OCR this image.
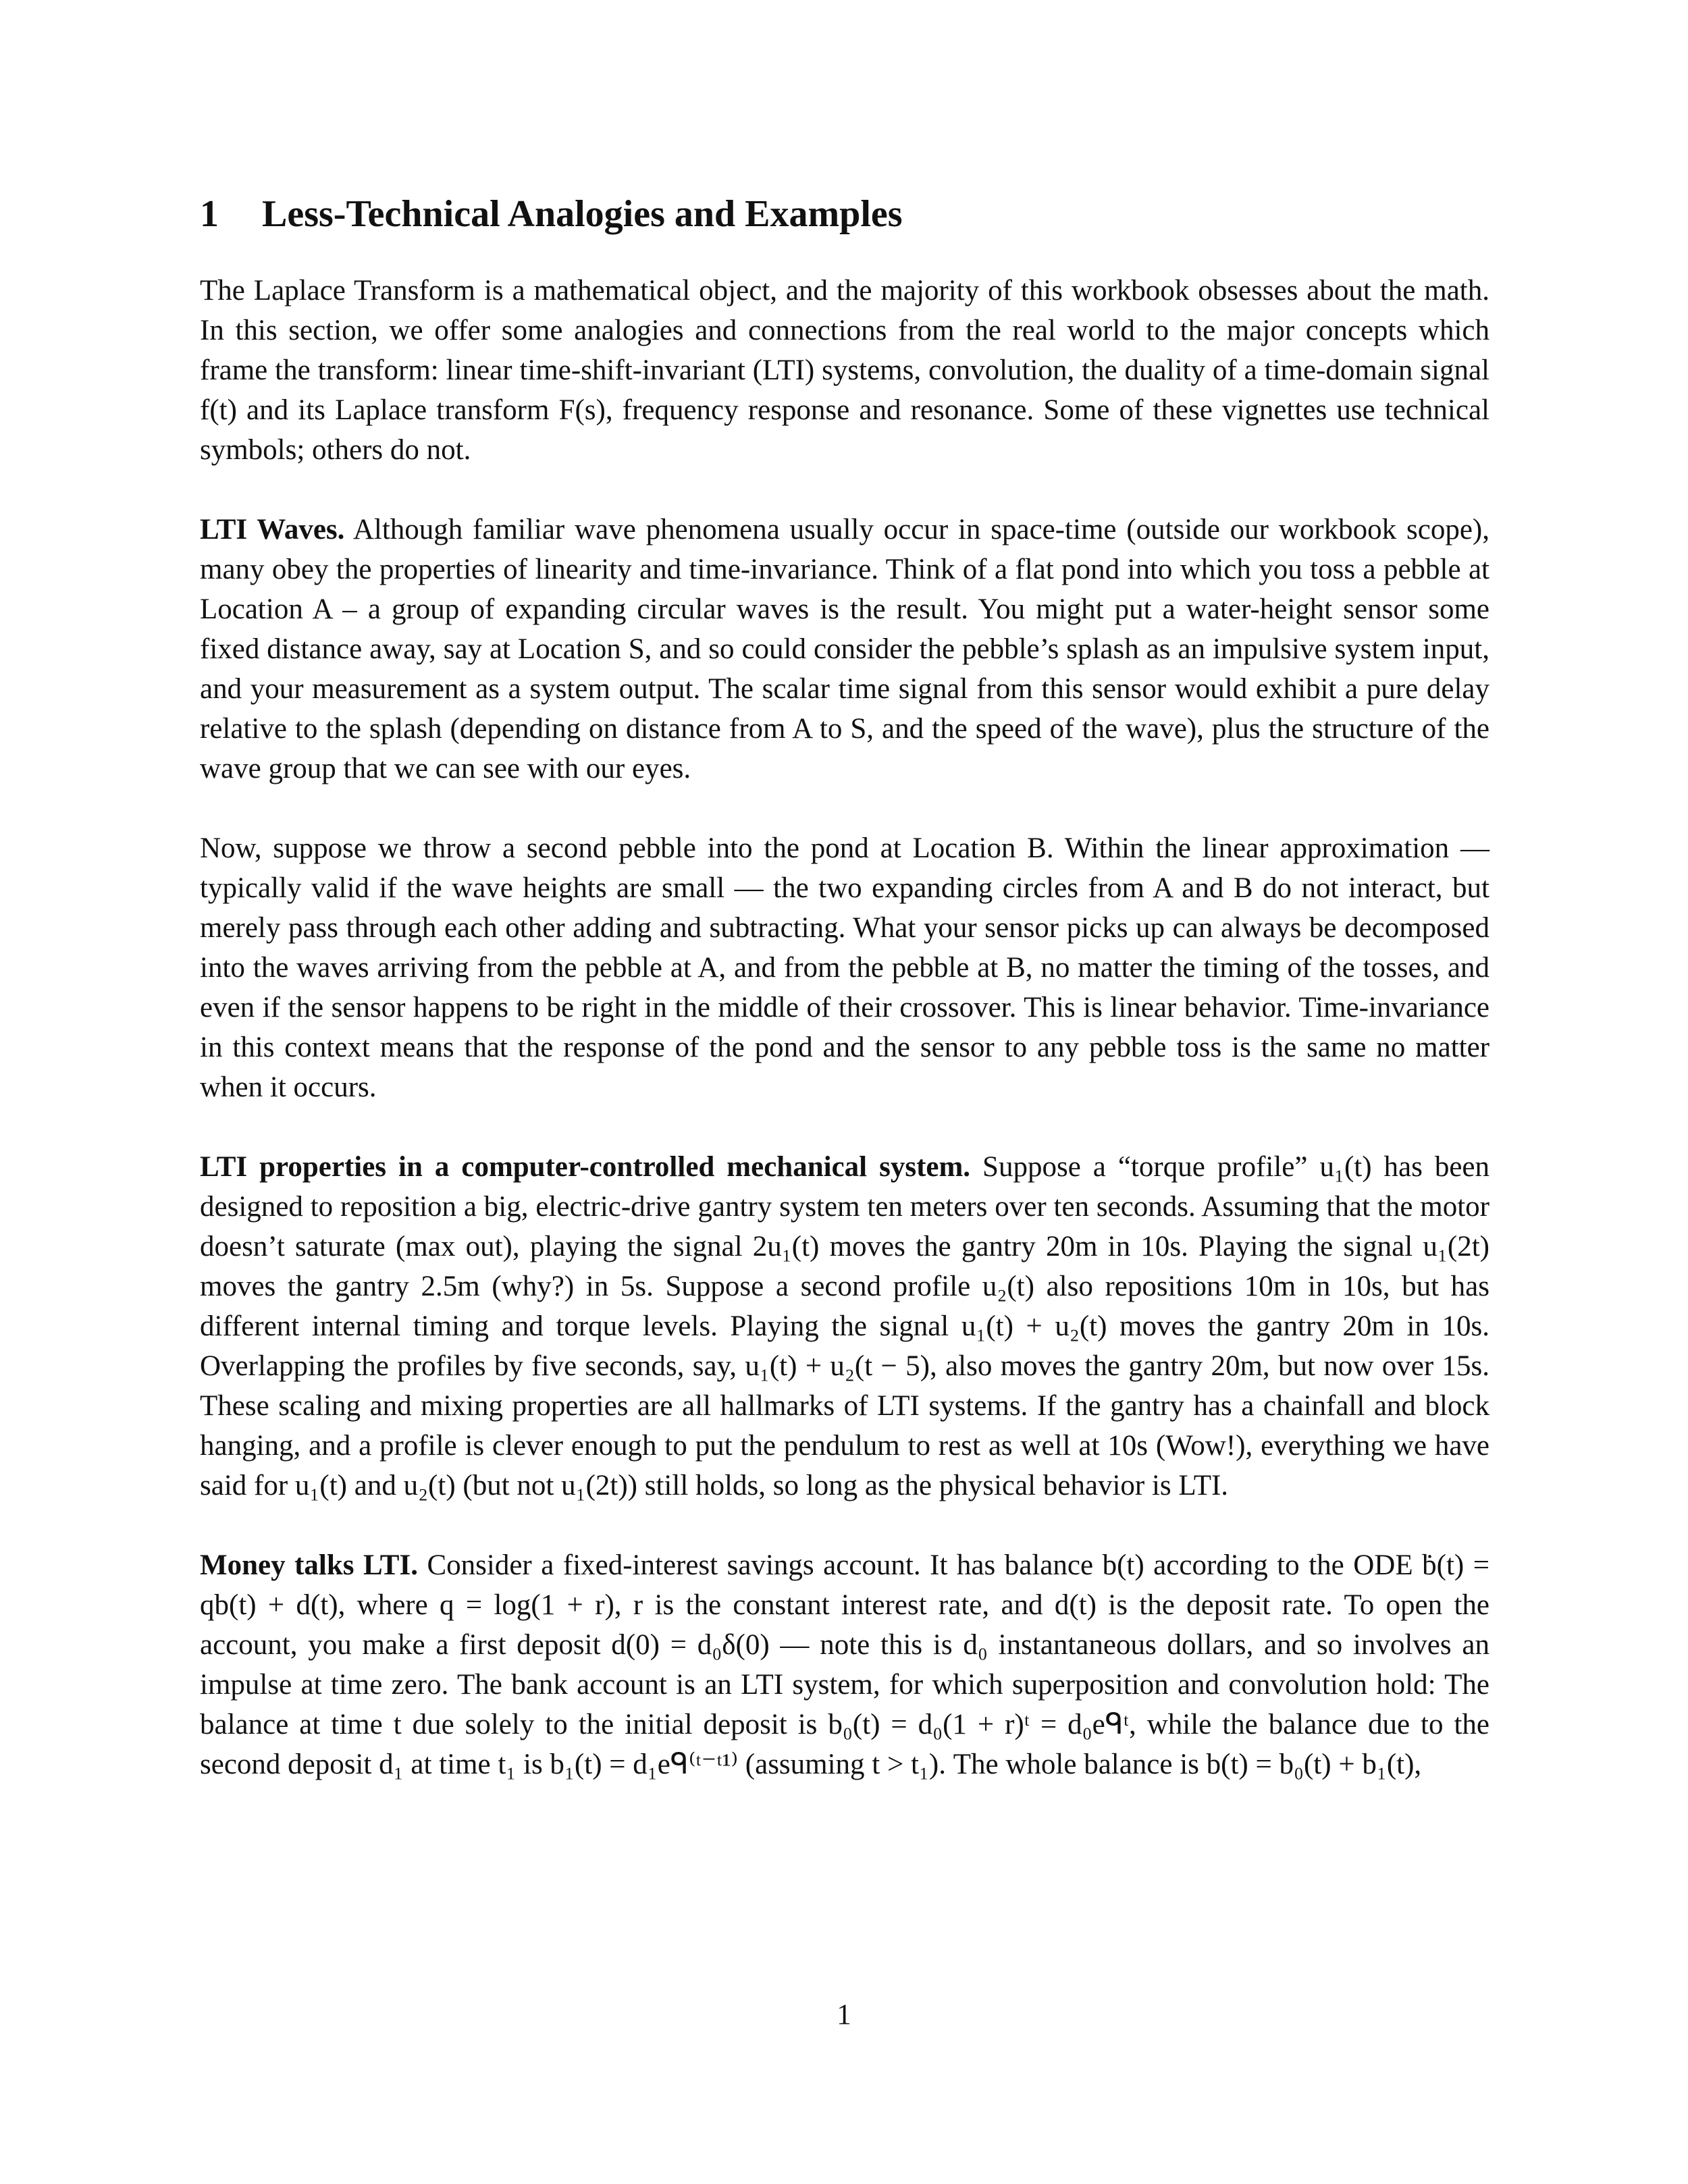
1 Less-Technical Analogies and Examples

The Laplace Transform is a mathematical object, and the majority of this workbook obsesses about the math. In this section, we offer some analogies and connections from the real world to the major concepts which frame the transform: linear time-shift-invariant (LTI) systems, convolution, the duality of a time-domain signal f(t) and its Laplace transform F(s), frequency response and resonance. Some of these vignettes use technical symbols; others do not.

LTI Waves. Although familiar wave phenomena usually occur in space-time (outside our workbook scope), many obey the properties of linearity and time-invariance. Think of a flat pond into which you toss a pebble at Location A – a group of expanding circular waves is the result. You might put a water-height sensor some fixed distance away, say at Location S, and so could consider the pebble’s splash as an impulsive system input, and your measurement as a system output. The scalar time signal from this sensor would exhibit a pure delay relative to the splash (depending on distance from A to S, and the speed of the wave), plus the structure of the wave group that we can see with our eyes.

Now, suppose we throw a second pebble into the pond at Location B. Within the linear approximation — typically valid if the wave heights are small — the two expanding circles from A and B do not interact, but merely pass through each other adding and subtracting. What your sensor picks up can always be decomposed into the waves arriving from the pebble at A, and from the pebble at B, no matter the timing of the tosses, and even if the sensor happens to be right in the middle of their crossover. This is linear behavior. Time-invariance in this context means that the response of the pond and the sensor to any pebble toss is the same no matter when it occurs.

LTI properties in a computer-controlled mechanical system. Suppose a “torque profile” u₁(t) has been designed to reposition a big, electric-drive gantry system ten meters over ten seconds. Assuming that the motor doesn’t saturate (max out), playing the signal 2u₁(t) moves the gantry 20m in 10s. Playing the signal u₁(2t) moves the gantry 2.5m (why?) in 5s. Suppose a second profile u₂(t) also repositions 10m in 10s, but has different internal timing and torque levels. Playing the signal u₁(t) + u₂(t) moves the gantry 20m in 10s. Overlapping the profiles by five seconds, say, u₁(t) + u₂(t − 5), also moves the gantry 20m, but now over 15s. These scaling and mixing properties are all hallmarks of LTI systems. If the gantry has a chainfall and block hanging, and a profile is clever enough to put the pendulum to rest as well at 10s (Wow!), everything we have said for u₁(t) and u₂(t) (but not u₁(2t)) still holds, so long as the physical behavior is LTI.

Money talks LTI. Consider a fixed-interest savings account. It has balance b(t) according to the ODE ḃ(t) = qb(t) + d(t), where q = log(1 + r), r is the constant interest rate, and d(t) is the deposit rate. To open the account, you make a first deposit d(0) = d₀δ(0) — note this is d₀ instantaneous dollars, and so involves an impulse at time zero. The bank account is an LTI system, for which superposition and convolution hold: The balance at time t due solely to the initial deposit is b₀(t) = d₀(1 + r)ᵗ = d₀eᑫᵗ, while the balance due to the second deposit d₁ at time t₁ is b₁(t) = d₁eᑫ⁽ᵗ⁻ᵗ¹⁾ (assuming t > t₁). The whole balance is b(t) = b₀(t) + b₁(t),

1
